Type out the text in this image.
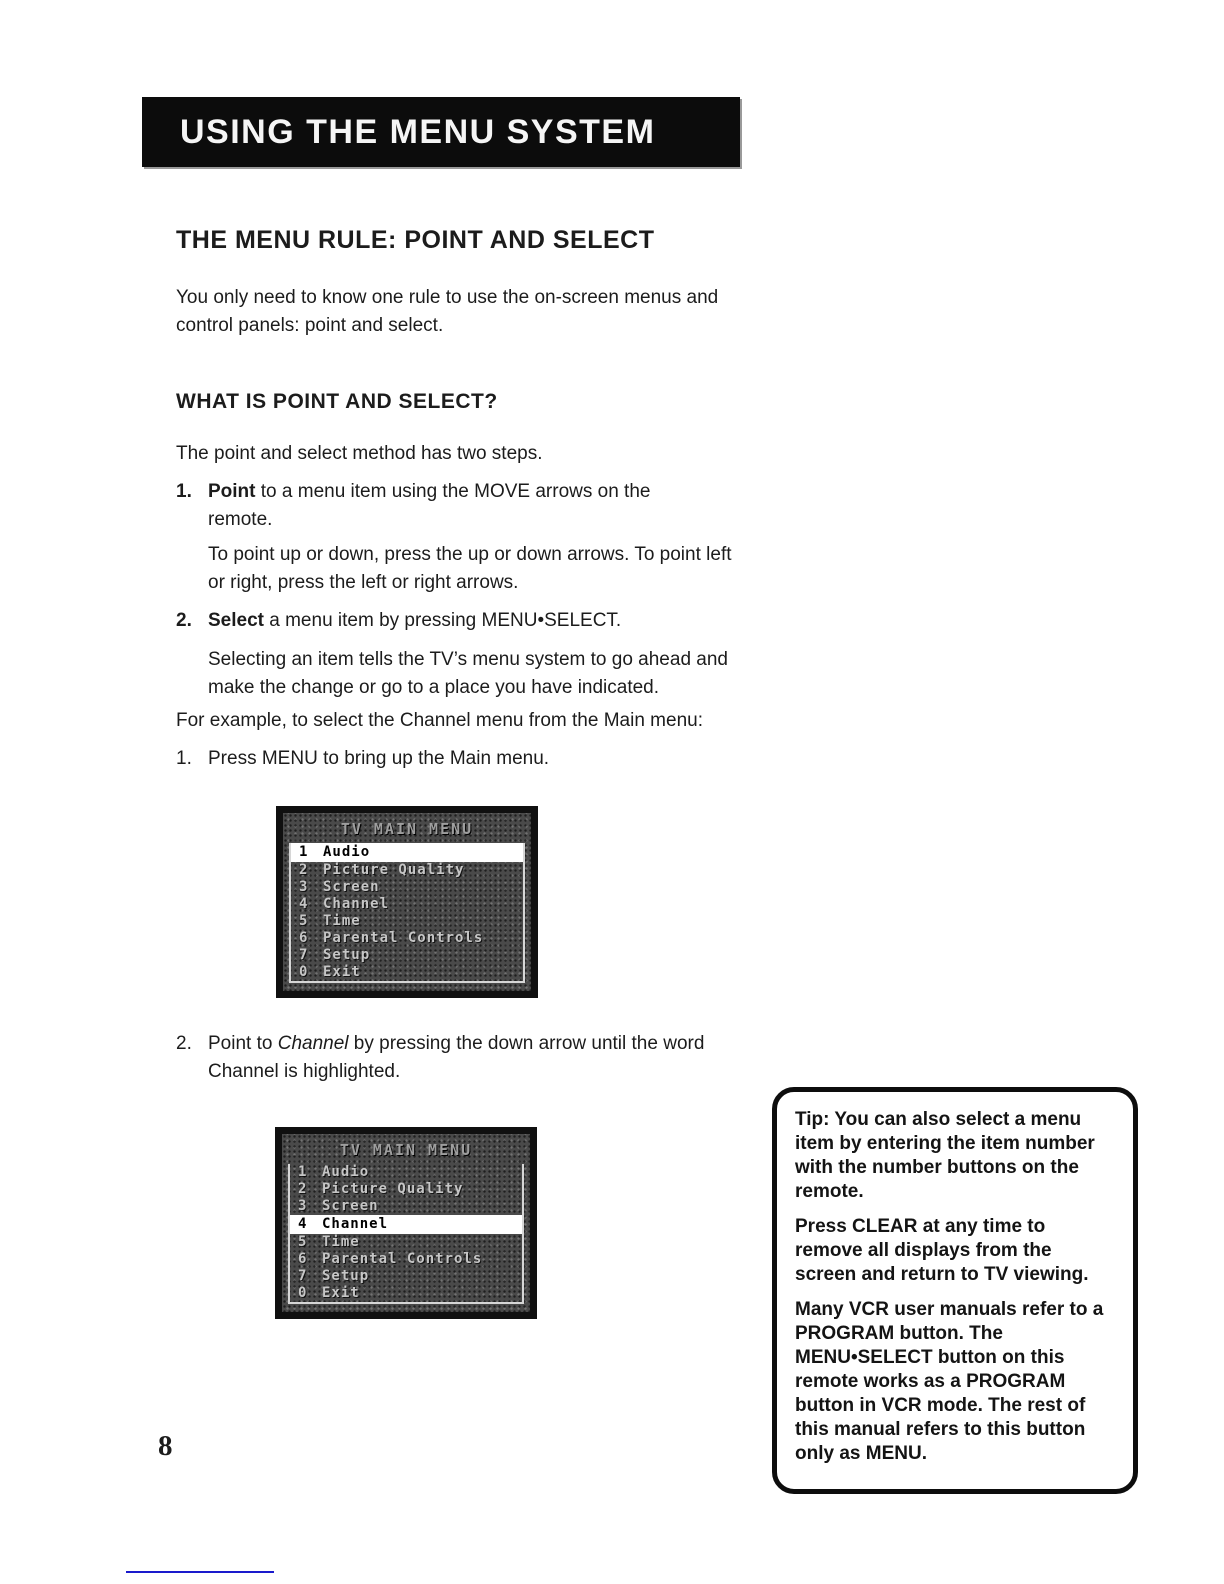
USING THE MENU SYSTEM
THE MENU RULE: POINT AND SELECT
You only need to know one rule to use the on-screen menus and control panels: point and select.
WHAT IS POINT AND SELECT?
The point and select method has two steps.
1. Point to a menu item using the MOVE arrows on the remote.
To point up or down, press the up or down arrows. To point left or right, press the left or right arrows.
2. Select a menu item by pressing MENU•SELECT.
Selecting an item tells the TV’s menu system to go ahead and make the change or go to a place you have indicated.
For example, to select the Channel menu from the Main menu:
1. Press MENU to bring up the Main menu.
TV MAIN MENU
1 Audio
2 Picture Quality
3 Screen
4 Channel
5 Time
6 Parental Controls
7 Setup
0 Exit
2. Point to Channel by pressing the down arrow until the word Channel is highlighted.
TV MAIN MENU
1 Audio
2 Picture Quality
3 Screen
4 Channel
5 Time
6 Parental Controls
7 Setup
0 Exit

Tip: You can also select a menu item by entering the item number with the number buttons on the remote.

Press CLEAR at any time to remove all displays from the screen and return to TV viewing.

Many VCR user manuals refer to a PROGRAM button. The MENU•SELECT button on this remote works as a PROGRAM button in VCR mode. The rest of this manual refers to this button only as MENU.

8
